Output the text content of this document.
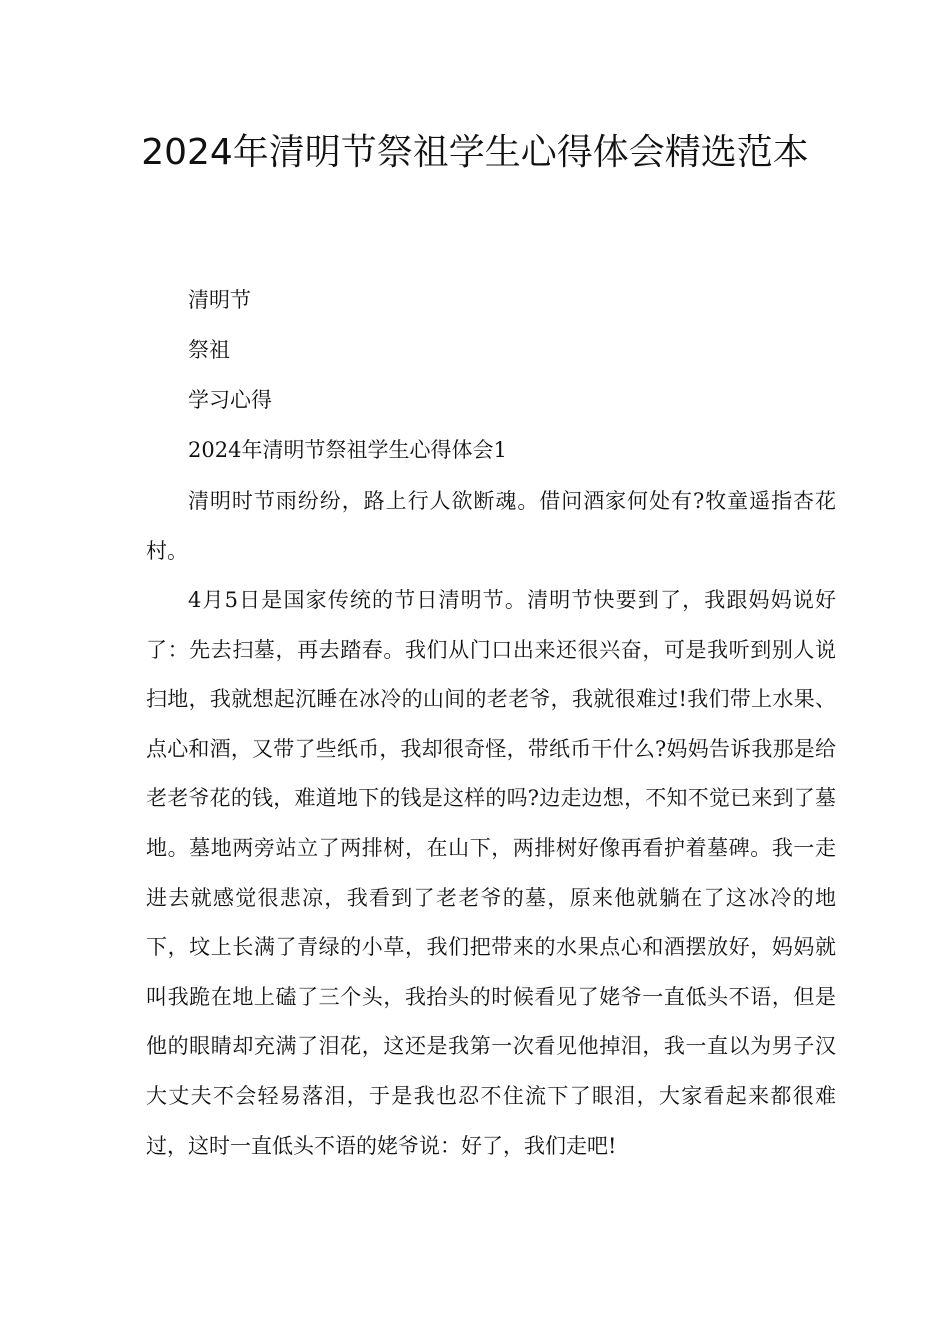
2024年清明节祭祖学生心得体会精选范本

清明节

祭祖

学习心得

2024年清明节祭祖学生心得体会1

清明时节雨纷纷，路上行人欲断魂。借问酒家何处有?牧童遥指杏花村。

4月5日是国家传统的节日清明节。清明节快要到了，我跟妈妈说好了：先去扫墓，再去踏春。我们从门口出来还很兴奋，可是我听到别人说扫地，我就想起沉睡在冰冷的山间的老老爷，我就很难过!我们带上水果、点心和酒，又带了些纸币，我却很奇怪，带纸币干什么?妈妈告诉我那是给老老爷花的钱，难道地下的钱是这样的吗?边走边想，不知不觉已来到了墓地。墓地两旁站立了两排树，在山下，两排树好像再看护着墓碑。我一走进去就感觉很悲凉，我看到了老老爷的墓，原来他就躺在了这冰冷的地下，坟上长满了青绿的小草，我们把带来的水果点心和酒摆放好，妈妈就叫我跪在地上磕了三个头，我抬头的时候看见了姥爷一直低头不语，但是他的眼睛却充满了泪花，这还是我第一次看见他掉泪，我一直以为男子汉大丈夫不会轻易落泪，于是我也忍不住流下了眼泪，大家看起来都很难过，这时一直低头不语的姥爷说：好了，我们走吧!
